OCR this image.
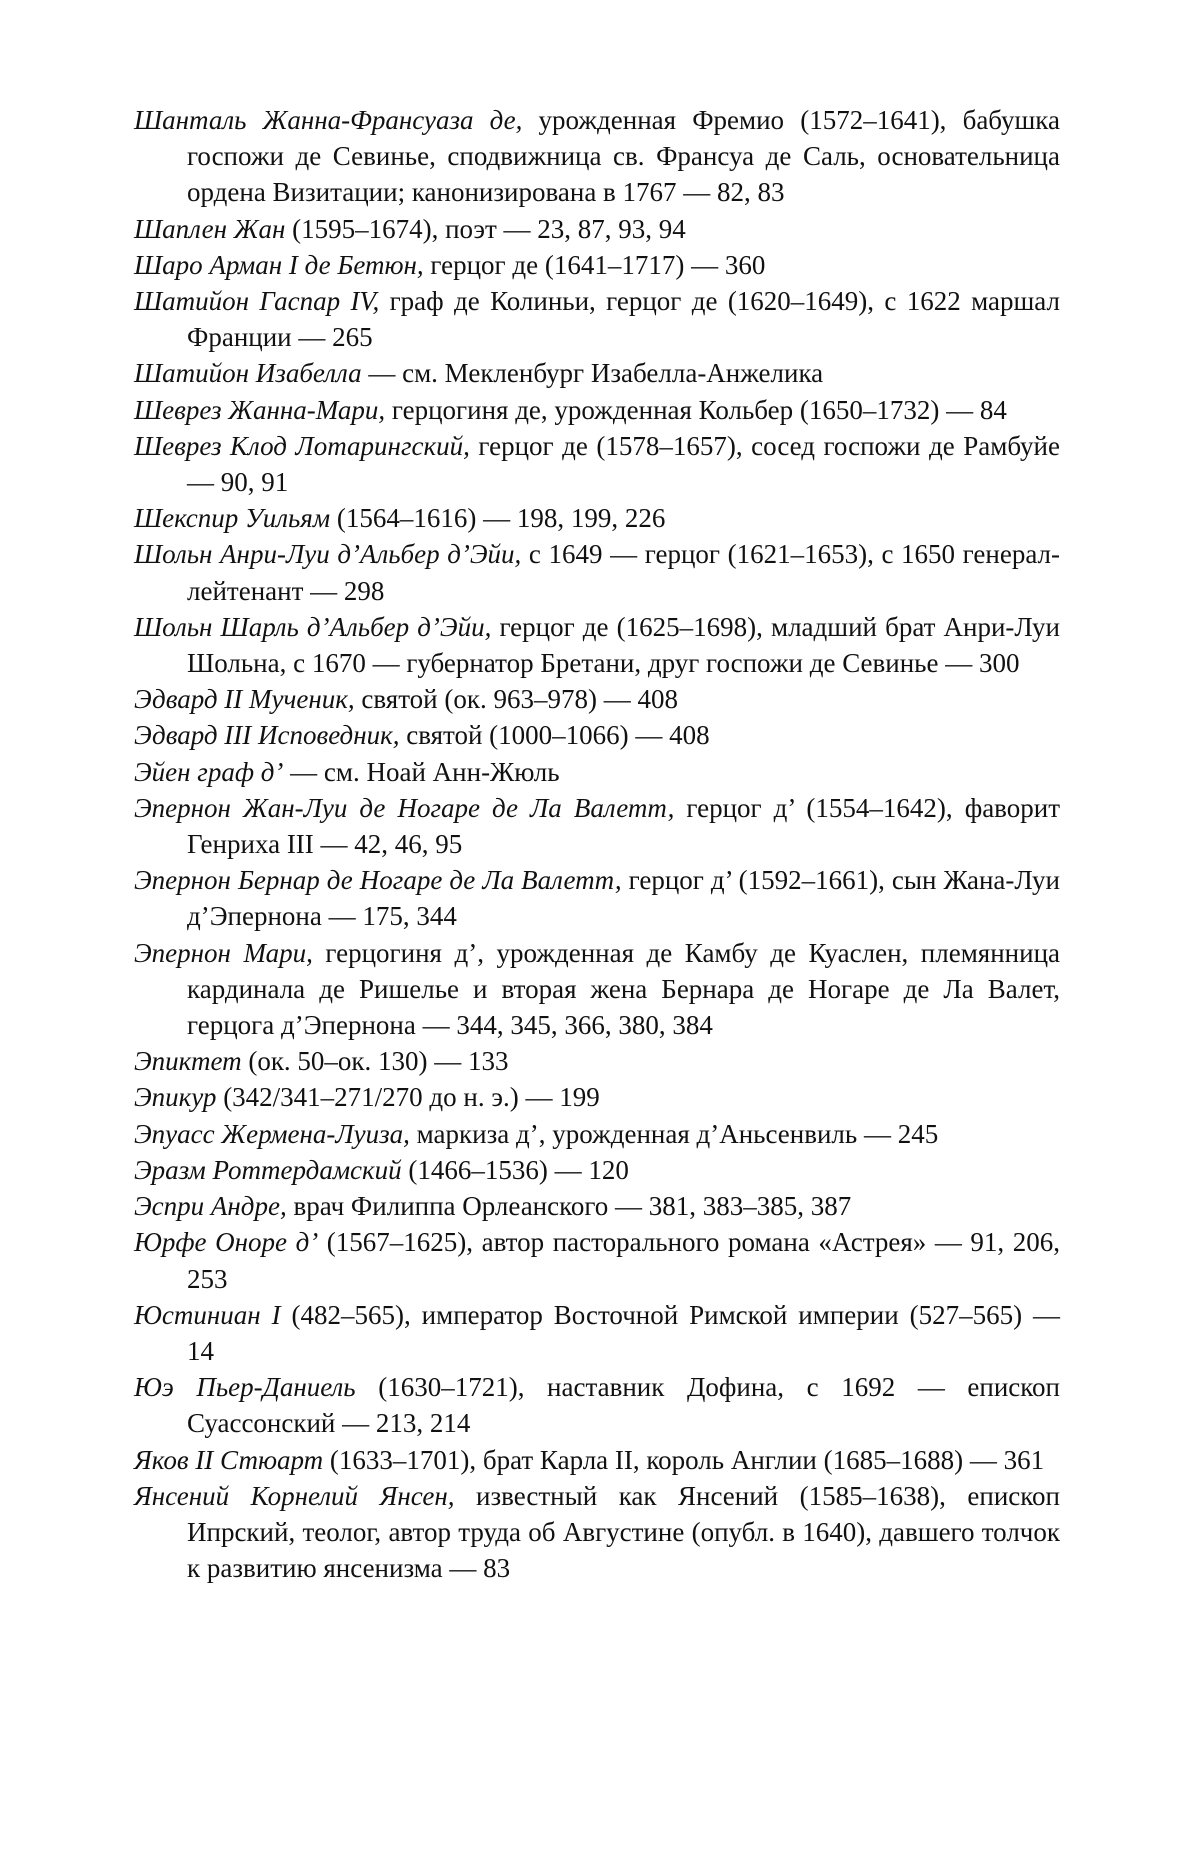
Шанталь Жанна-Франсуаза де, урожденная Фремио (1572–1641), бабушка госпожи де Севинье, сподвижница св. Франсуа де Саль, основательница ордена Визитации; канонизирована в 1767 — 82, 83

Шаплен Жан (1595–1674), поэт — 23, 87, 93, 94

Шаро Арман I де Бетюн, герцог де (1641–1717) — 360

Шатийон Гаспар IV, граф де Колиньи, герцог де (1620–1649), с 1622 маршал Франции — 265

Шатийон Изабелла — см. Мекленбург Изабелла-Анжелика

Шеврез Жанна-Мари, герцогиня де, урожденная Кольбер (1650–1732) — 84

Шеврез Клод Лотарингский, герцог де (1578–1657), сосед госпожи де Рамбуйе — 90, 91

Шекспир Уильям (1564–1616) — 198, 199, 226

Шольн Анри-Луи д’Альбер д’Эйи, с 1649 — герцог (1621–1653), с 1650 генерал-лейтенант — 298

Шольн Шарль д’Альбер д’Эйи, герцог де (1625–1698), младший брат Анри-Луи Шольна, с 1670 — губернатор Бретани, друг госпожи де Севинье — 300

Эдвард II Мученик, святой (ок. 963–978) — 408

Эдвард III Исповедник, святой (1000–1066) — 408

Эйен граф д’ — см. Ноай Анн-Жюль

Эпернон Жан-Луи де Ногаре де Ла Валетт, герцог д’ (1554–1642), фаворит Генриха III — 42, 46, 95

Эпернон Бернар де Ногаре де Ла Валетт, герцог д’ (1592–1661), сын Жана-Луи д’Эпернона — 175, 344

Эпернон Мари, герцогиня д’, урожденная де Камбу де Куаслен, племянница кардинала де Ришелье и вторая жена Бернара де Ногаре де Ла Валет, герцога д’Эпернона — 344, 345, 366, 380, 384

Эпиктет (ок. 50–ок. 130) — 133

Эпикур (342/341–271/270 до н. э.) — 199

Эпуасс Жермена-Луиза, маркиза д’, урожденная д’Аньсенвиль — 245

Эразм Роттердамский (1466–1536) — 120

Эспри Андре, врач Филиппа Орлеанского — 381, 383–385, 387

Юрфе Оноре д’ (1567–1625), автор пасторального романа «Астрея» — 91, 206, 253

Юстиниан I (482–565), император Восточной Римской империи (527–565) — 14

Юэ Пьер-Даниель (1630–1721), наставник Дофина, с 1692 — епископ Суассонский — 213, 214

Яков II Стюарт (1633–1701), брат Карла II, король Англии (1685–1688) — 361

Янсений Корнелий Янсен, известный как Янсений (1585–1638), епископ Ипрский, теолог, автор труда об Августине (опубл. в 1640), давшего толчок к развитию янсенизма — 83
